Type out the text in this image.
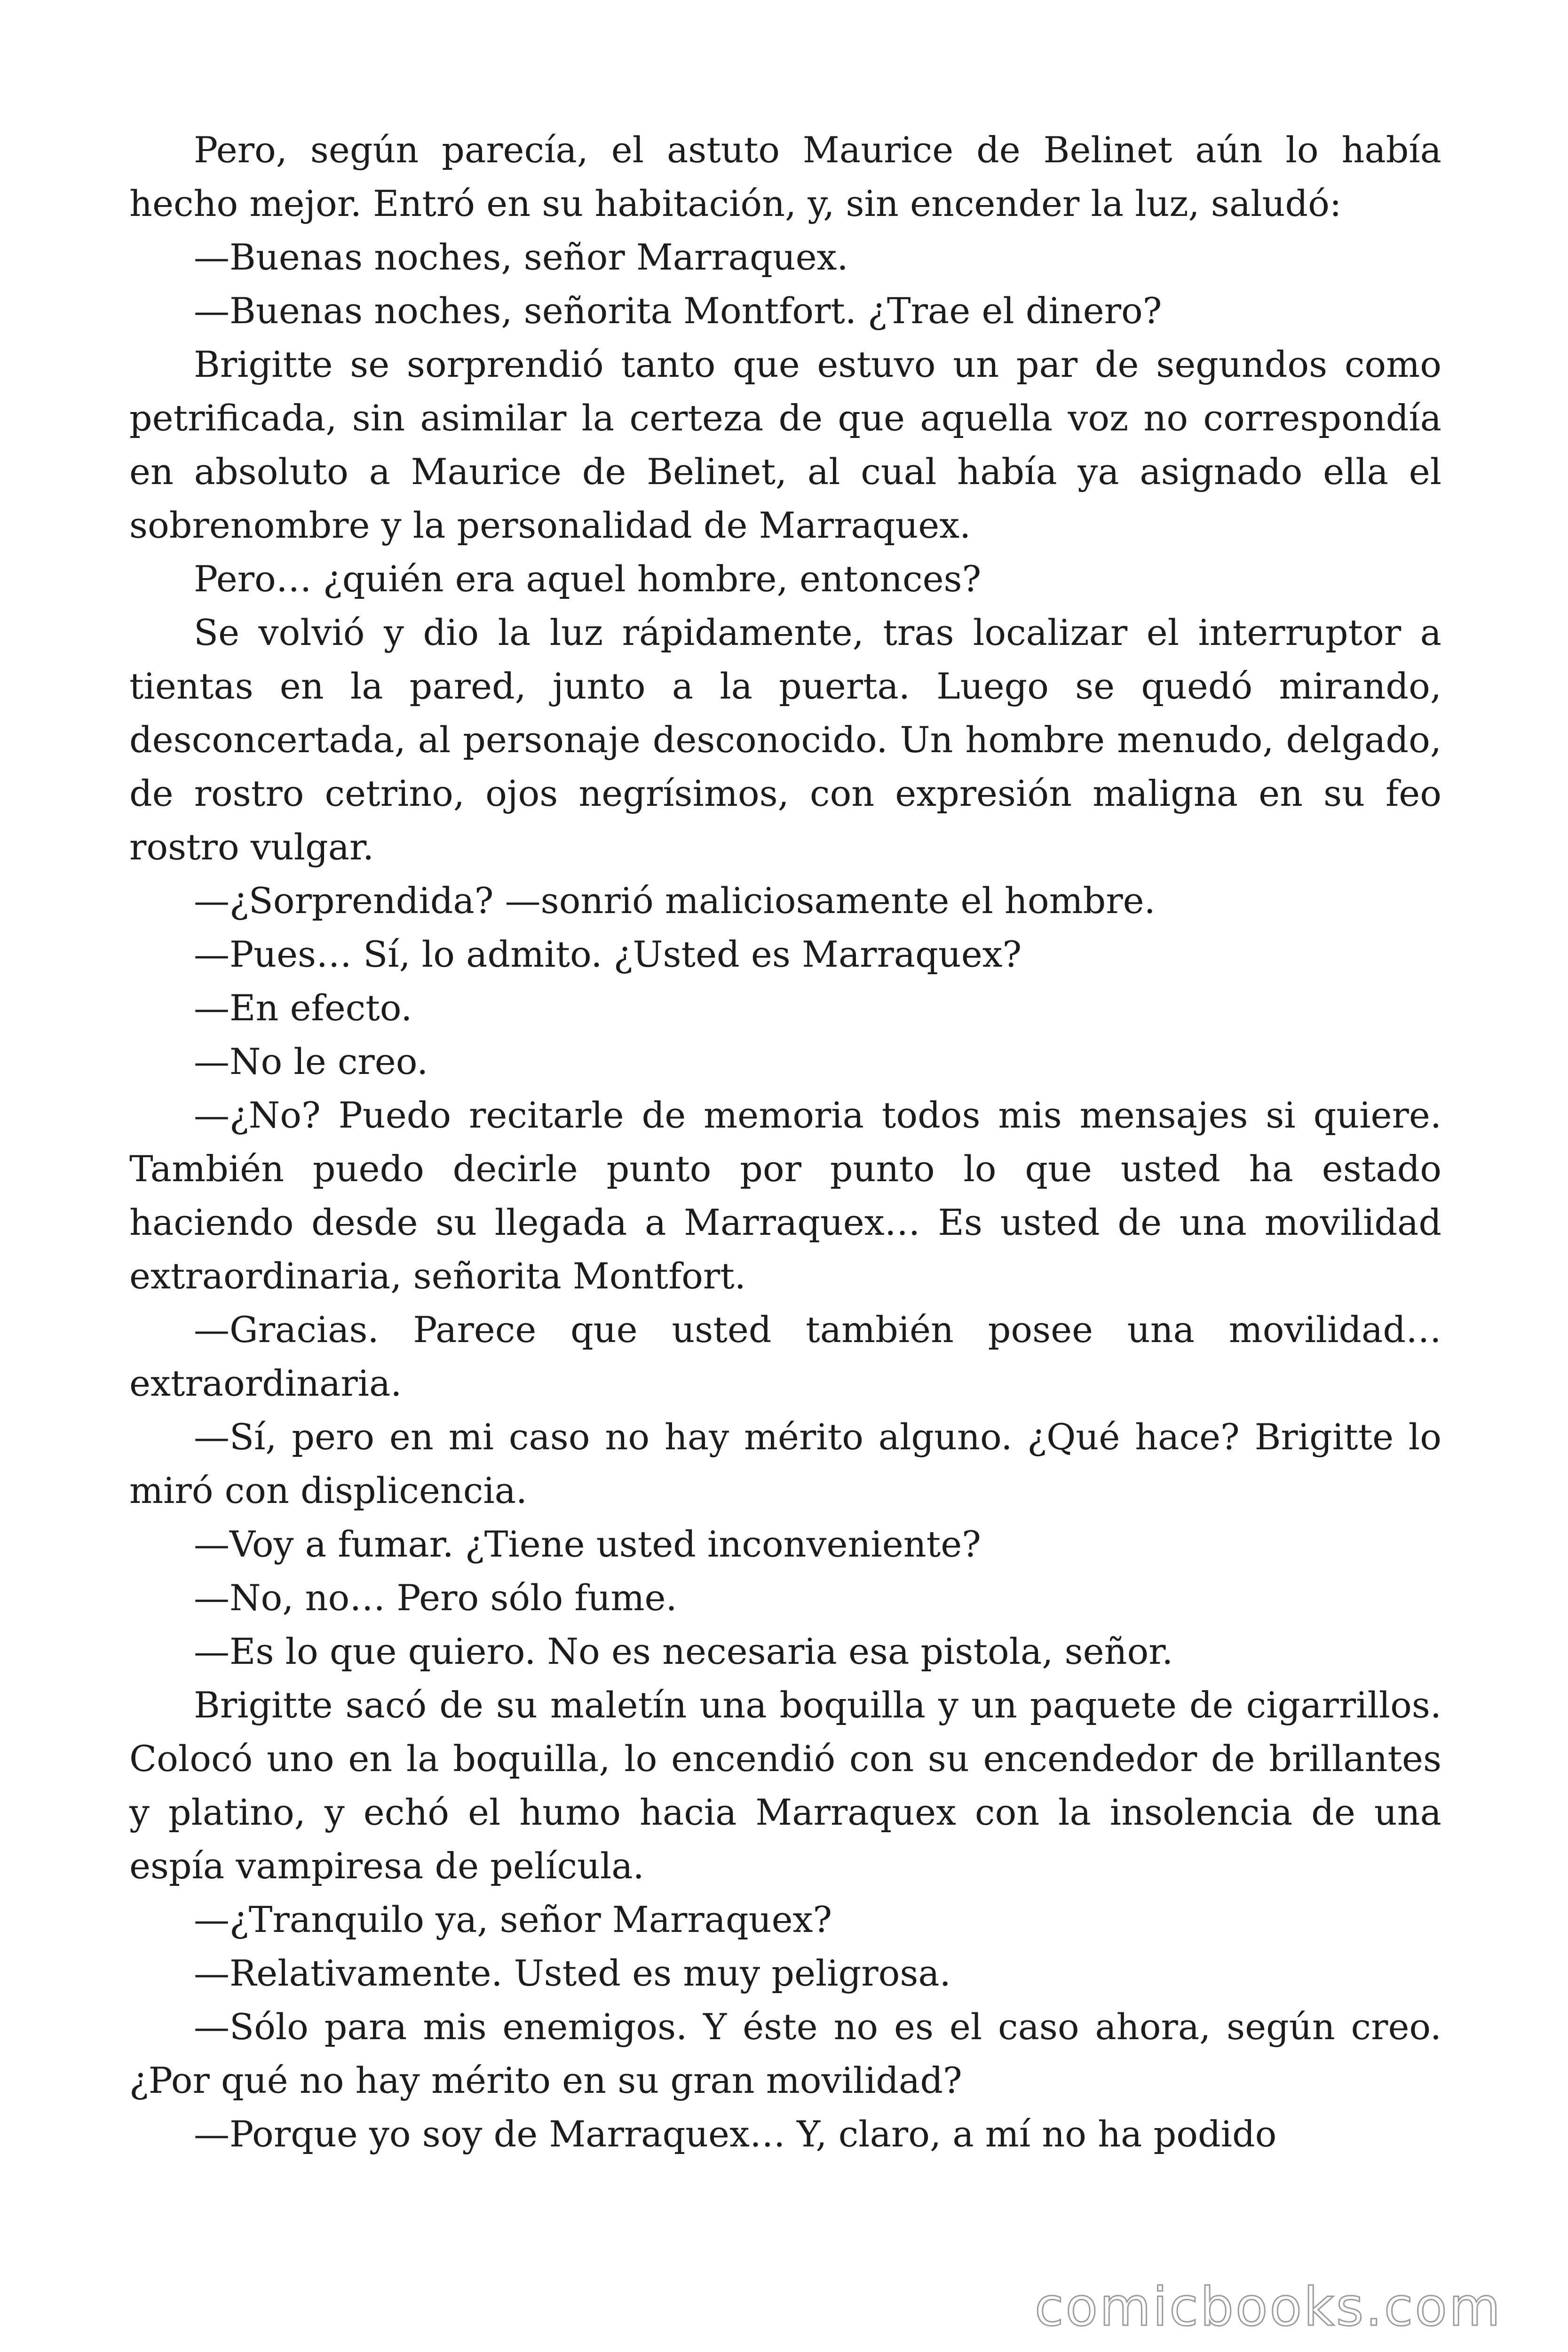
Pero, según parecía, el astuto Maurice de Belinet aún lo había hecho mejor. Entró en su habitación, y, sin encender la luz, saludó:

—Buenas noches, señor Marraquex.

—Buenas noches, señorita Montfort. ¿Trae el dinero?

Brigitte se sorprendió tanto que estuvo un par de segundos como petrificada, sin asimilar la certeza de que aquella voz no correspondía en absoluto a Maurice de Belinet, al cual había ya asignado ella el sobrenombre y la personalidad de Marraquex.

Pero… ¿quién era aquel hombre, entonces?

Se volvió y dio la luz rápidamente, tras localizar el interruptor a tientas en la pared, junto a la puerta. Luego se quedó mirando, desconcertada, al personaje desconocido. Un hombre menudo, delgado, de rostro cetrino, ojos negrísimos, con expresión maligna en su feo rostro vulgar.

—¿Sorprendida? —sonrió maliciosamente el hombre.

—Pues… Sí, lo admito. ¿Usted es Marraquex?

—En efecto.

—No le creo.

—¿No? Puedo recitarle de memoria todos mis mensajes si quiere. También puedo decirle punto por punto lo que usted ha estado haciendo desde su llegada a Marraquex… Es usted de una movilidad extraordinaria, señorita Montfort.

—Gracias. Parece que usted también posee una movilidad… extraordinaria.

—Sí, pero en mi caso no hay mérito alguno. ¿Qué hace? Brigitte lo miró con displicencia.

—Voy a fumar. ¿Tiene usted inconveniente?

—No, no… Pero sólo fume.

—Es lo que quiero. No es necesaria esa pistola, señor.

Brigitte sacó de su maletín una boquilla y un paquete de cigarrillos. Colocó uno en la boquilla, lo encendió con su encendedor de brillantes y platino, y echó el humo hacia Marraquex con la insolencia de una espía vampiresa de película.

—¿Tranquilo ya, señor Marraquex?

—Relativamente. Usted es muy peligrosa.

—Sólo para mis enemigos. Y éste no es el caso ahora, según creo. ¿Por qué no hay mérito en su gran movilidad?

—Porque yo soy de Marraquex… Y, claro, a mí no ha podido

comicbooks.com
